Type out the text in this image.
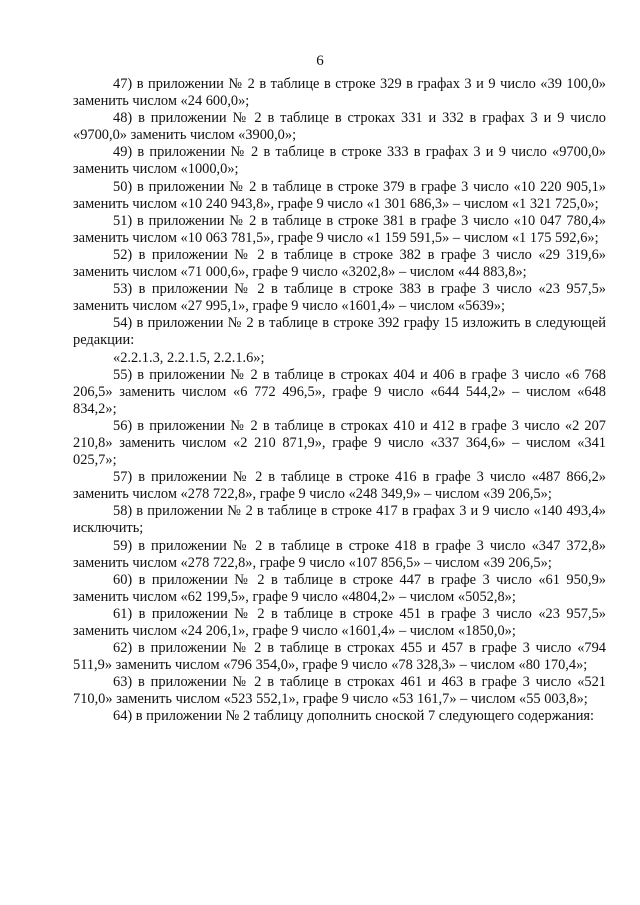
6

47) в приложении № 2 в таблице в строке 329 в графах 3 и 9 число «39 100,0» заменить числом «24 600,0»;

48) в приложении № 2 в таблице в строках 331 и 332 в графах 3 и 9 число «9700,0» заменить числом «3900,0»;

49) в приложении № 2 в таблице в строке 333 в графах 3 и 9 число «9700,0» заменить числом «1000,0»;

50) в приложении № 2 в таблице в строке 379 в графе 3 число «10 220 905,1» заменить числом «10 240 943,8», графе 9 число «1 301 686,3» – числом «1 321 725,0»;

51) в приложении № 2 в таблице в строке 381 в графе 3 число «10 047 780,4» заменить числом «10 063 781,5», графе 9 число «1 159 591,5» – числом «1 175 592,6»;

52) в приложении № 2 в таблице в строке 382 в графе 3 число «29 319,6» заменить числом «71 000,6», графе 9 число «3202,8» – числом «44 883,8»;

53) в приложении № 2 в таблице в строке 383 в графе 3 число «23 957,5» заменить числом «27 995,1», графе 9 число «1601,4» – числом «5639»;

54) в приложении № 2 в таблице в строке 392 графу 15 изложить в следующей редакции:

«2.2.1.3, 2.2.1.5, 2.2.1.6»;

55) в приложении № 2 в таблице в строках 404 и 406 в графе 3 число «6 768 206,5» заменить числом «6 772 496,5», графе 9 число «644 544,2» – числом «648 834,2»;

56) в приложении № 2 в таблице в строках 410 и 412 в графе 3 число «2 207 210,8» заменить числом «2 210 871,9», графе 9 число «337 364,6» – числом «341 025,7»;

57) в приложении № 2 в таблице в строке 416 в графе 3 число «487 866,2» заменить числом «278 722,8», графе 9 число «248 349,9» – числом «39 206,5»;

58) в приложении № 2 в таблице в строке 417 в графах 3 и 9 число «140 493,4» исключить;

59) в приложении № 2 в таблице в строке 418 в графе 3 число «347 372,8» заменить числом «278 722,8», графе 9 число «107 856,5» – числом «39 206,5»;

60) в приложении № 2 в таблице в строке 447 в графе 3 число «61 950,9» заменить числом «62 199,5», графе 9 число «4804,2» – числом «5052,8»;

61) в приложении № 2 в таблице в строке 451 в графе 3 число «23 957,5» заменить числом «24 206,1», графе 9 число «1601,4» – числом «1850,0»;

62) в приложении № 2 в таблице в строках 455 и 457 в графе 3 число «794 511,9» заменить числом «796 354,0», графе 9 число «78 328,3» – числом «80 170,4»;

63) в приложении № 2 в таблице в строках 461 и 463 в графе 3 число «521 710,0» заменить числом «523 552,1», графе 9 число «53 161,7» – числом «55 003,8»;

64) в приложении № 2 таблицу дополнить сноской 7 следующего содержания:
